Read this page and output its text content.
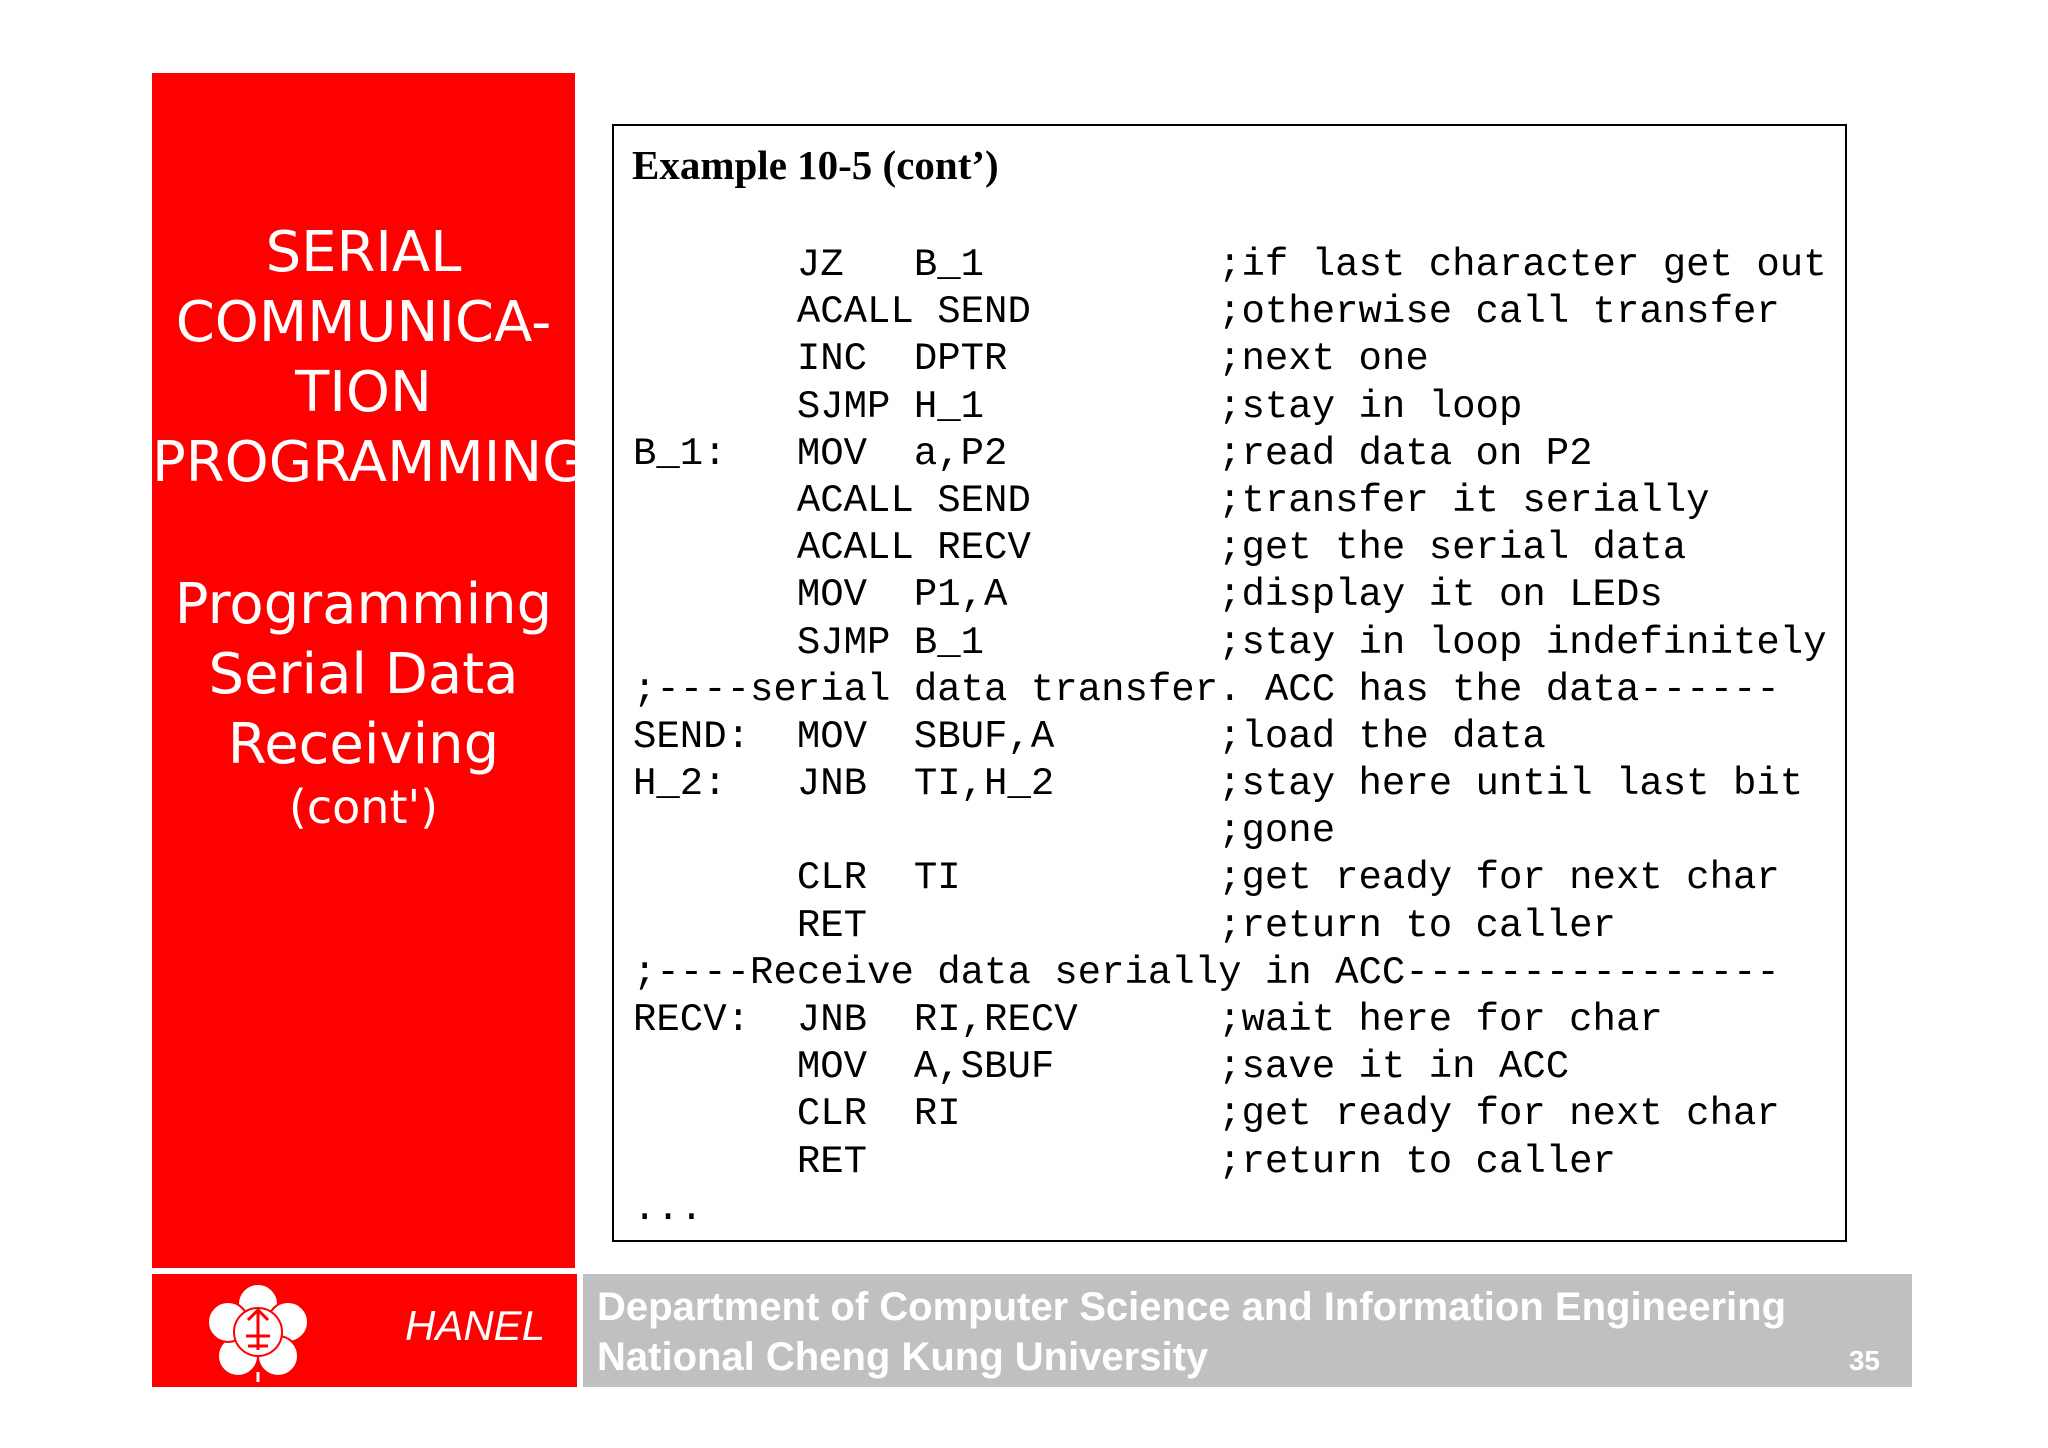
SERIAL
COMMUNICA-
TION
PROGRAMMING
Programming
Serial Data
Receiving
(cont')
Example 10-5 (cont’)
JZ   B_1          ;if last character get out
ACALL SEND        ;otherwise call transfer
INC  DPTR         ;next one
SJMP H_1          ;stay in loop
B_1:   MOV  a,P2         ;read data on P2
ACALL SEND        ;transfer it serially
ACALL RECV        ;get the serial data
MOV  P1,A         ;display it on LEDs
SJMP B_1          ;stay in loop indefinitely
;----serial data transfer. ACC has the data------
SEND:  MOV  SBUF,A       ;load the data
H_2:   JNB  TI,H_2       ;stay here until last bit
;gone
CLR  TI           ;get ready for next char
RET               ;return to caller
;----Receive data serially in ACC----------------
RECV:  JNB  RI,RECV      ;wait here for char
MOV  A,SBUF       ;save it in ACC
CLR  RI           ;get ready for next char
RET               ;return to caller
...
HANEL Department of Computer Science and Information Engineering
National Cheng Kung University	35
